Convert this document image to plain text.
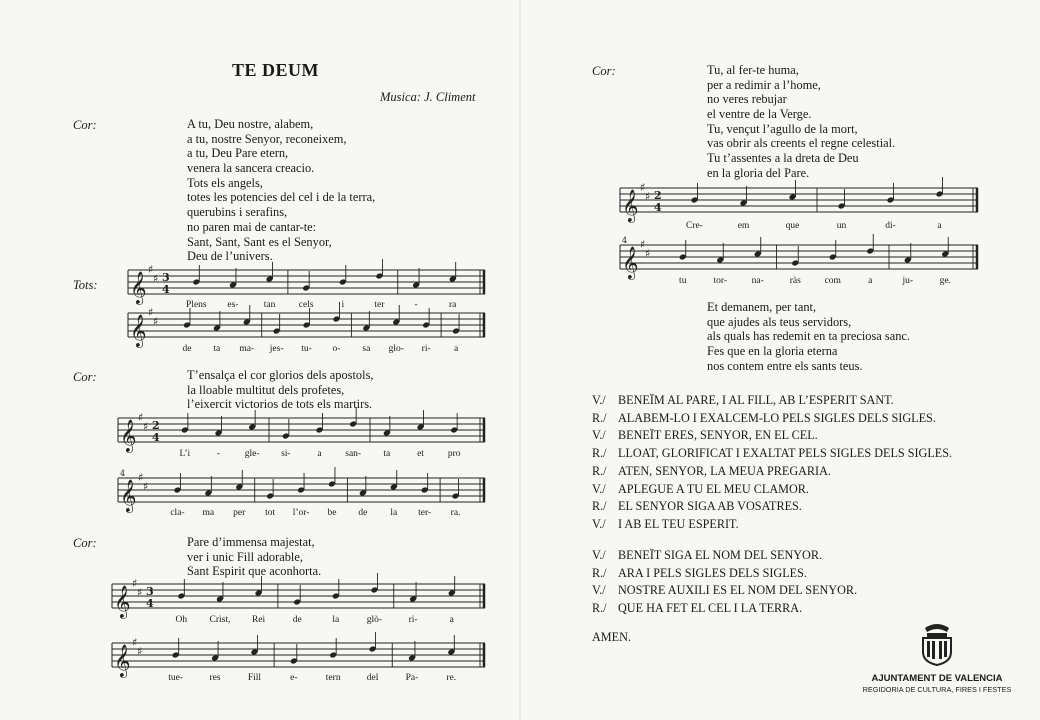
TE DEUM
Musica: J. Climent
Cor:	A tu, Deu nostre, alabem,
a tu, nostre Senyor, reconeixem,
a tu, Deu Pare etern,
venera la sancera creacio.
Tots els angels,
totes les potencies del cel i de la terra,
querubins i serafins,
no paren mai de cantar-te:
Sant, Sant, Sant es el Senyor,
Deu de l’univers.
Tots:
Cor:	T’ensalça el cor glorios dels apostols,
la lloable multitut dels profetes,
l’eixercit victorios de tots els martirs.
Cor:	Pare d’immensa majestat,
ver i unic Fill adorable,
Sant Espirit que aconhorta.
𝄞
♯
♯ 3
4
Plens es-	tan cels	i	ter	-	ra
𝄞
♯
♯
de ta ma- jes- tu- o- sa glo- ri- a
𝄞
♯
♯ 2
4
L’i	-	gle- si-	a san- ta	et	pro
𝄞
♯
♯
4
cla- ma per tot l’or- be de la ter- ra.
𝄞
♯
♯ 3
4
Oh Crist, Rei	de	la	glò-	ri-	a
𝄞
♯
♯
tue-	res	Fill	e-	tern	del	Pa-	re.
Cor:	Tu, al fer-te huma,
per a redimir a l’home,
no veres rebujar
el ventre de la Verge.
Tu, vençut l’agullo de la mort,
vas obrir als creents el regne celestial.
Tu t’assentes a la dreta de Deu
en la gloria del Pare.
𝄞
♯
♯ 2
4
Cre-	em	que	un	di-	a
𝄞
♯
♯
4
tu	tor-	na-	ràs	com	a	ju-	ge.
Et demanem, per tant,
que ajudes als teus servidors,
als quals has redemit en ta preciosa sanc.
Fes que en la gloria eterna
nos contem entre els sants teus.
V./ BENEÏM AL PARE, I AL FILL, AB L’ESPERIT SANT.
R./ ALABEM-LO I EXALCEM-LO PELS SIGLES DELS SIGLES.
V./ BENEÏT ERES, SENYOR, EN EL CEL.
R./ LLOAT, GLORIFICAT I EXALTAT PELS SIGLES DELS SIGLES.
R./ ATEN, SENYOR, LA MEUA PREGARIA.
V./ APLEGUE A TU EL MEU CLAMOR.
R./ EL SENYOR SIGA AB VOSATRES.
V./ I AB EL TEU ESPERIT.
V./ BENEÏT SIGA EL NOM DEL SENYOR.
R./ ARA I PELS SIGLES DELS SIGLES.
V./ NOSTRE AUXILI ES EL NOM DEL SENYOR.
R./ QUE HA FET EL CEL I LA TERRA.
AMEN.
AJUNTAMENT DE VALENCIA
REGIDORIA DE CULTURA, FIRES I FESTES
